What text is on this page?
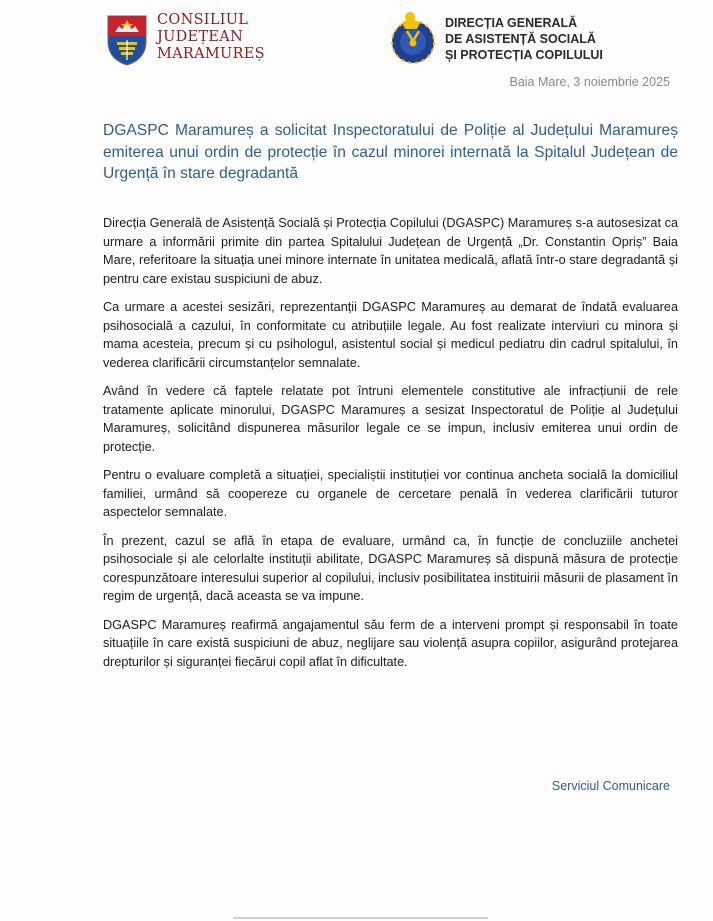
CONSILIUL
JUDEȚEAN
MARAMUREȘ
DIRECȚIA GENERALĂ
DE ASISTENȚĂ SOCIALĂ
ȘI PROTECȚIA COPILULUI
Baia Mare, 3 noiembrie 2025
DGASPC Maramureș a solicitat Inspectoratului de Poliție al Județului Maramureș emiterea unui ordin de protecție în cazul minorei internată la Spitalul Județean de Urgență în stare degradantă

Direcția Generală de Asistență Socială și Protecția Copilului (DGASPC) Maramureș s-a autosesizat ca urmare a informării primite din partea Spitalului Județean de Urgență „Dr. Constantin Opriș” Baia Mare, referitoare la situația unei minore internate în unitatea medicală, aflată într-o stare degradantă și pentru care existau suspiciuni de abuz.

Ca urmare a acestei sesizări, reprezentanții DGASPC Maramureș au demarat de îndată evaluarea psihosocială a cazului, în conformitate cu atribuțiile legale. Au fost realizate interviuri cu minora și mama acesteia, precum și cu psihologul, asistentul social și medicul pediatru din cadrul spitalului, în vederea clarificării circumstanțelor semnalate.

Având în vedere că faptele relatate pot întruni elementele constitutive ale infracțiunii de rele tratamente aplicate minorului, DGASPC Maramureș a sesizat Inspectoratul de Poliție al Județului Maramureș, solicitând dispunerea măsurilor legale ce se impun, inclusiv emiterea unui ordin de protecție.

Pentru o evaluare completă a situației, specialiștii instituției vor continua ancheta socială la domiciliul familiei, urmând să coopereze cu organele de cercetare penală în vederea clarificării tuturor aspectelor semnalate.

În prezent, cazul se află în etapa de evaluare, urmând ca, în funcție de concluziile anchetei psihosociale și ale celorlalte instituții abilitate, DGASPC Maramureș să dispună măsura de protecție corespunzătoare interesului superior al copilului, inclusiv posibilitatea instituirii măsurii de plasament în regim de urgență, dacă aceasta se va impune.

DGASPC Maramureș reafirmă angajamentul său ferm de a interveni prompt și responsabil în toate situațiile în care există suspiciuni de abuz, neglijare sau violență asupra copiilor, asigurând protejarea drepturilor și siguranței fiecărui copil aflat în dificultate.

Serviciul Comunicare
